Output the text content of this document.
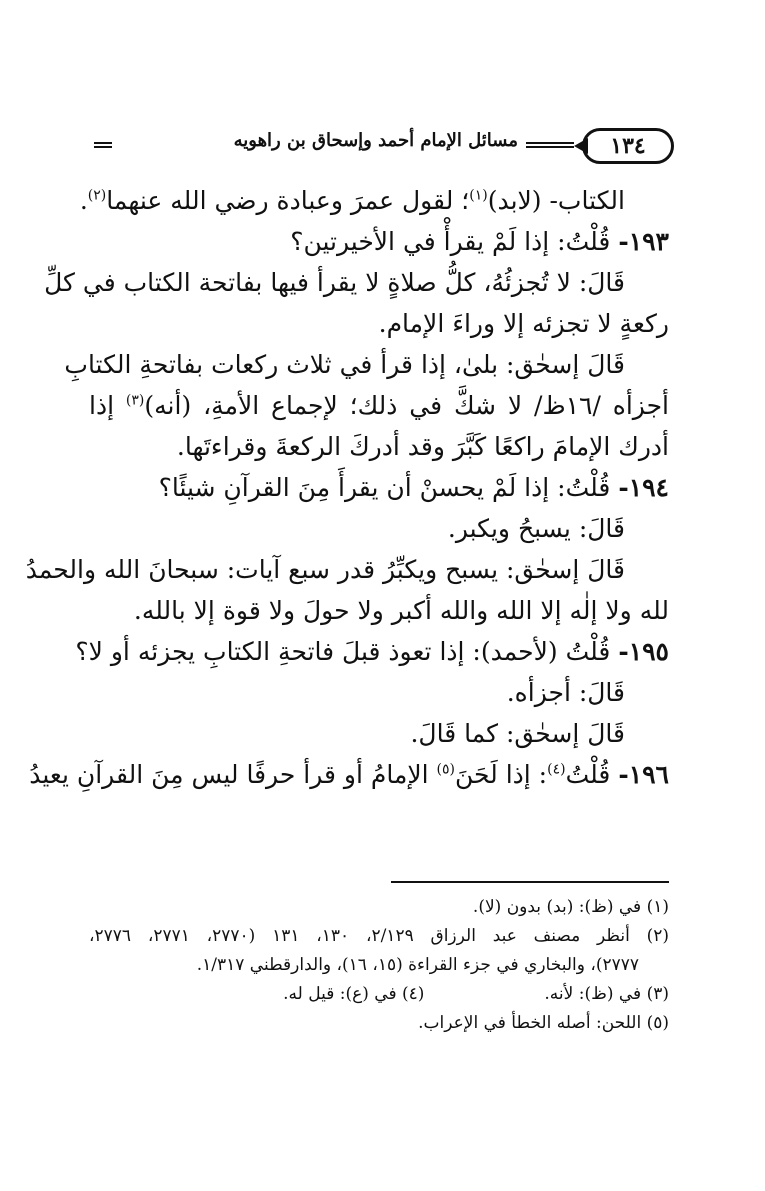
١٣٤
مسائل الإمام أحمد وإسحاق بن راهويه
الكتاب- (لابد)$^{(١)}$؛ لقول عمرَ وعبادة رضي الله عنهما$^{(٢)}$.
١٩٣- قُلْتُ: إذا لَمْ يقرأْ في الأخيرتين؟
قَالَ: لا تُجزئُهُ، كلُّ صلاةٍ لا يقرأ فيها بفاتحة الكتاب في كلِّ
ركعةٍ لا تجزئه إلا وراءَ الإمام.
قَالَ إسحٰق: بلىٰ، إذا قرأ في ثلاث ركعات بفاتحةِ الكتابِ
أجزأه /١٦ظ/ لا شكَّ في ذلك؛ لإجماع الأمةِ، (أنه)$^{(٣)}$ إذا
أدرك الإمامَ راكعًا كَبَّرَ وقد أدركَ الركعةَ وقراءتَها.
١٩٤- قُلْتُ: إذا لَمْ يحسنْ أن يقرأَ مِنَ القرآنِ شيئًا؟
قَالَ: يسبحُ ويكبر.
قَالَ إسحٰق: يسبح ويكبِّرُ قدر سبع آيات: سبحانَ الله والحمدُ
لله ولا إلٰه إلا الله والله أكبر ولا حولَ ولا قوة إلا بالله.
١٩٥- قُلْتُ (لأحمد): إذا تعوذ قبلَ فاتحةِ الكتابِ يجزئه أو لا؟
قَالَ: أجزأه.
قَالَ إسحٰق: كما قَالَ.
١٩٦- قُلْتُ$^{(٤)}$: إذا لَحَنَ$^{(٥)}$ الإمامُ أو قرأ حرفًا ليس مِنَ القرآنِ يعيدُ
(١) في (ظ): (بد) بدون (لا).
(٢) أنظر مصنف عبد الرزاق ٢/١٢٩، ١٣٠، ١٣١ (٢٧٧٠، ٢٧٧١، ٢٧٧٦،
٢٧٧٧)، والبخاري في جزء القراءة (١٥، ١٦)، والدارقطني ١/٣١٧.
(٣) في (ظ): لأنه.
(٤) في (ع): قيل له.
(٥) اللحن: أصله الخطأ في الإعراب.
